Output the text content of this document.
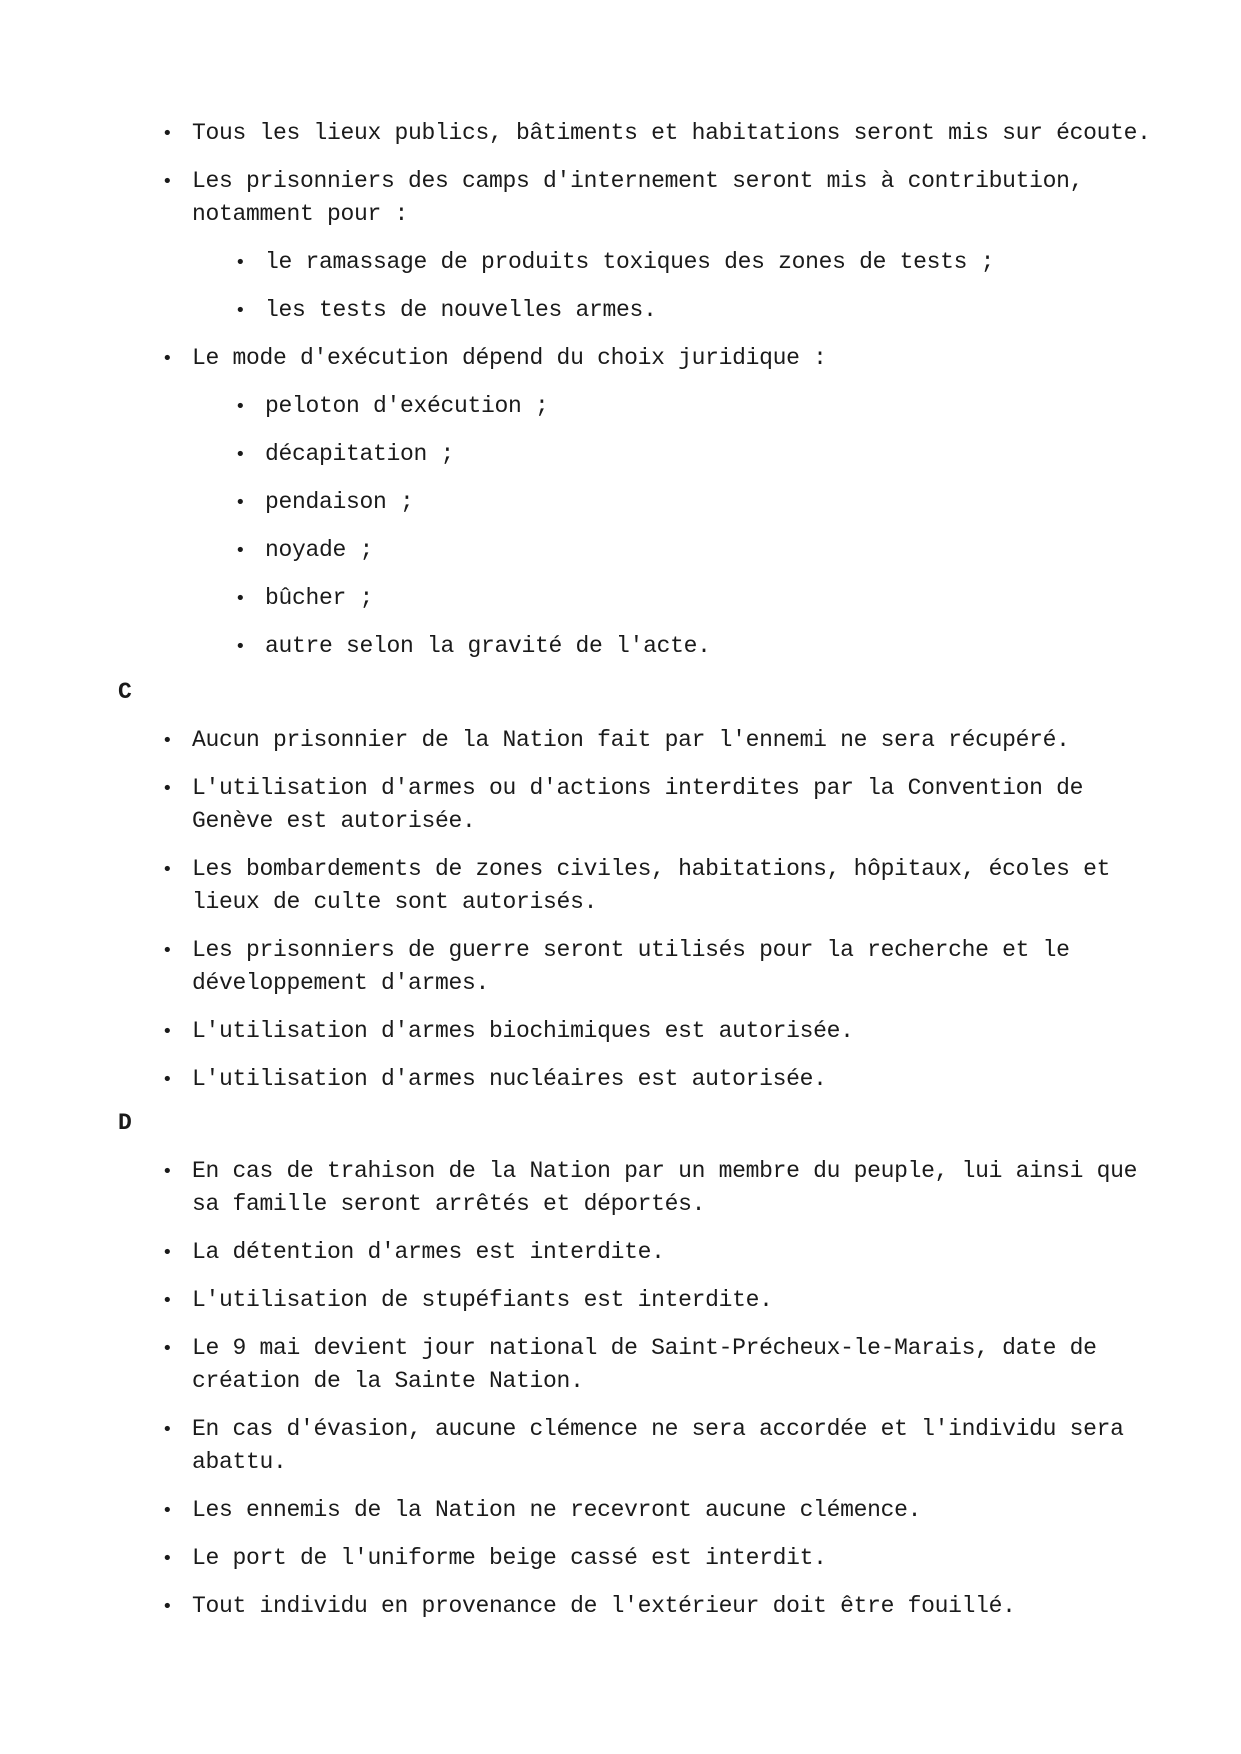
• Tous les lieux publics, bâtiments et habitations seront mis sur écoute.
• Les prisonniers des camps d'internement seront mis à contribution, notamment pour :
• le ramassage de produits toxiques des zones de tests ;
• les tests de nouvelles armes.
• Le mode d'exécution dépend du choix juridique :
• peloton d'exécution ;
• décapitation ;
• pendaison ;
• noyade ;
• bûcher ;
• autre selon la gravité de l'acte.
C
• Aucun prisonnier de la Nation fait par l'ennemi ne sera récupéré.
• L'utilisation d'armes ou d'actions interdites par la Convention de Genève est autorisée.
• Les bombardements de zones civiles, habitations, hôpitaux, écoles et lieux de culte sont autorisés.
• Les prisonniers de guerre seront utilisés pour la recherche et le développement d'armes.
• L'utilisation d'armes biochimiques est autorisée.
• L'utilisation d'armes nucléaires est autorisée.
D
• En cas de trahison de la Nation par un membre du peuple, lui ainsi que sa famille seront arrêtés et déportés.
• La détention d'armes est interdite.
• L'utilisation de stupéfiants est interdite.
• Le 9 mai devient jour national de Saint-Précheux-le-Marais, date de création de la Sainte Nation.
• En cas d'évasion, aucune clémence ne sera accordée et l'individu sera abattu.
• Les ennemis de la Nation ne recevront aucune clémence.
• Le port de l'uniforme beige cassé est interdit.
• Tout individu en provenance de l'extérieur doit être fouillé.
